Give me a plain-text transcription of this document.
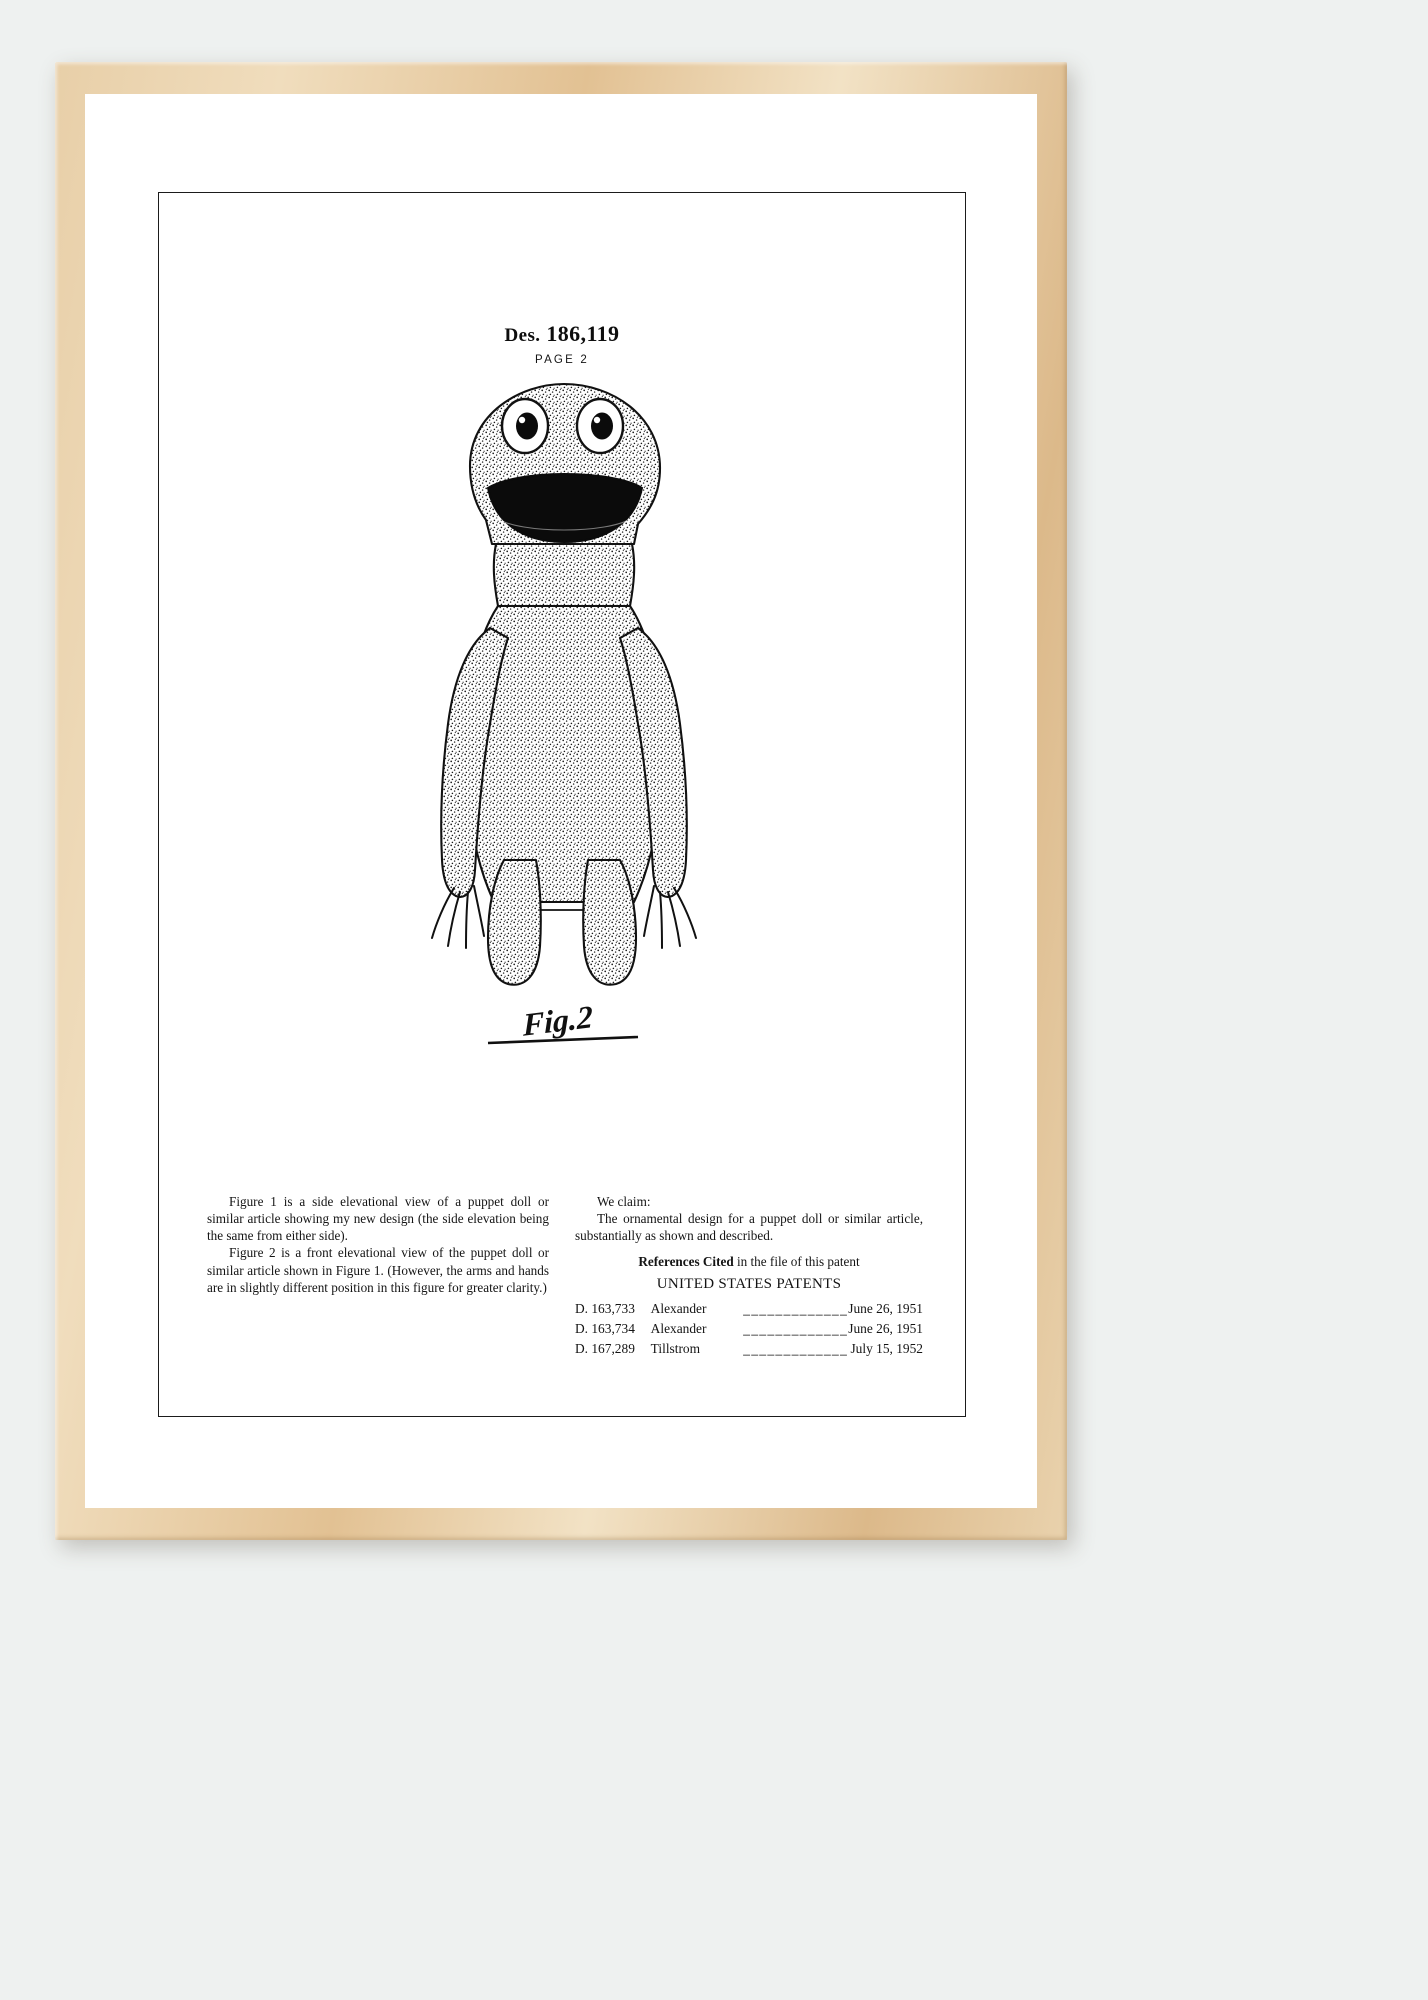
Des. 186,119
PAGE 2
Fig.2

Figure 1 is a side elevational view of a puppet doll or similar article showing my new design (the side elevation being the same from either side).

Figure 2 is a front elevational view of the puppet doll or similar article shown in Figure 1. (However, the arms and hands are in slightly different position in this figure for greater clarity.)

We claim:

The ornamental design for a puppet doll or similar article, substantially as shown and described.

References Cited in the file of this patent
UNITED STATES PATENTS
D. 163,733	Alexander	_____________	June 26, 1951
D. 163,734	Alexander	_____________	June 26, 1951
D. 167,289	Tillstrom	_____________	July 15, 1952
